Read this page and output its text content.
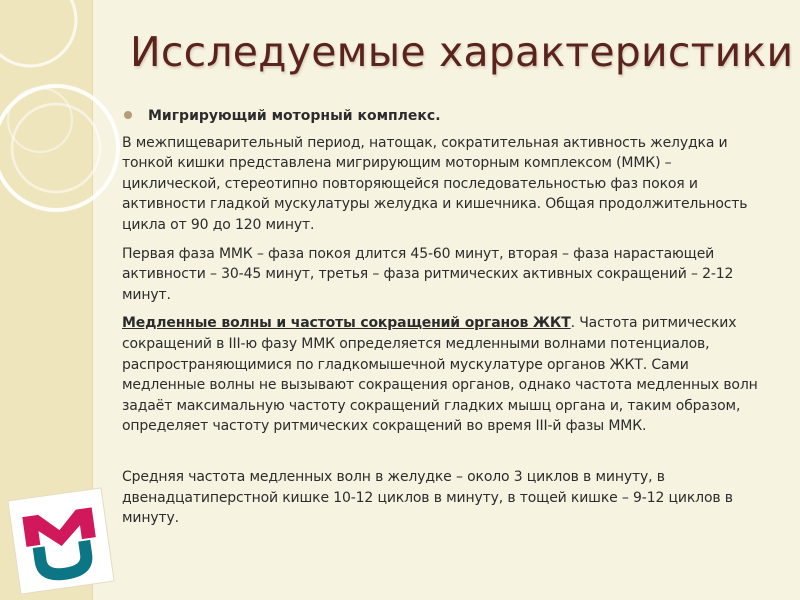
Исследуемые характеристики
Мигрирующий моторный комплекс.

В межпищеварительный период, натощак, сократительная активность желудка и тонкой кишки представлена мигрирующим моторным комплексом (ММК) – циклической, стереотипно повторяющейся последовательностью фаз покоя и активности гладкой мускулатуры желудка и кишечника. Общая продолжительность цикла от 90 до 120 минут.

Первая фаза ММК – фаза покоя длится 45-60 минут, вторая – фаза нарастающей активности – 30-45 минут, третья – фаза ритмических активных сокращений – 2-12 минут.

Медленные волны и частоты сокращений органов ЖКТ. Частота ритмических сокращений в III-ю фазу ММК определяется медленными волнами потенциалов, распространяющимися по гладкомышечной мускулатуре органов ЖКТ. Сами медленные волны не вызывают сокращения органов, однако частота медленных волн задаёт максимальную частоту сокращений гладких мышц органа и, таким образом, определяет частоту ритмических сокращений во время III-й фазы ММК.

Средняя частота медленных волн в желудке – около 3 циклов в минуту, в двенадцатиперстной кишке 10-12 циклов в минуту, в тощей кишке – 9-12 циклов в минуту.
